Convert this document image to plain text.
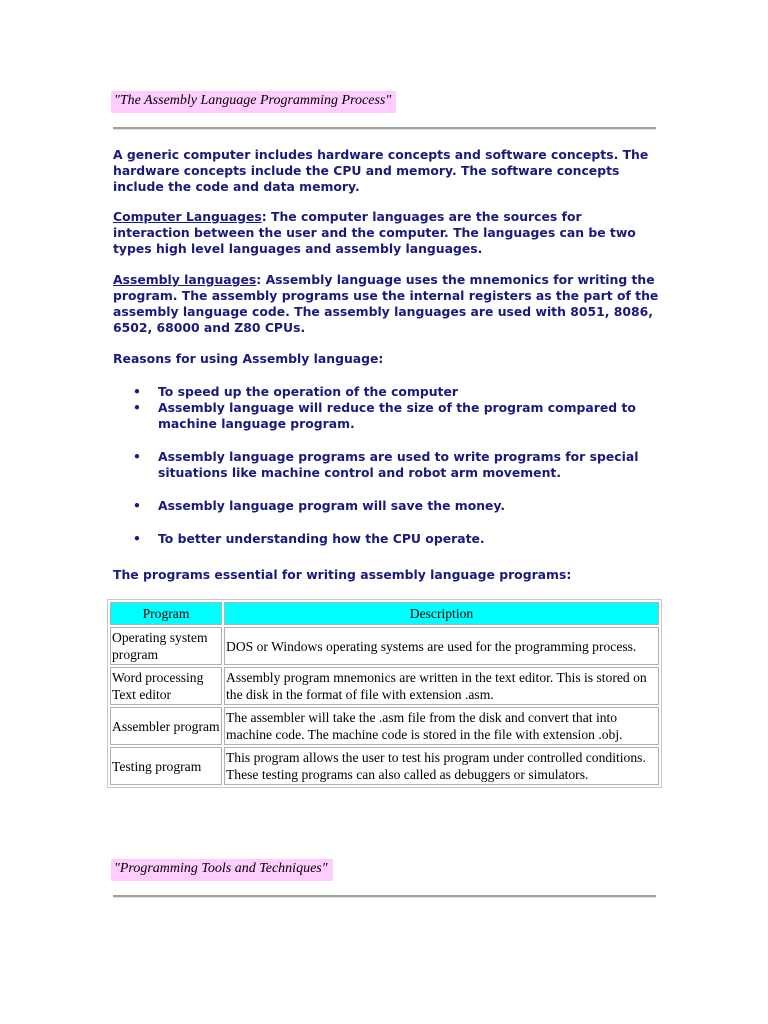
"The Assembly Language Programming Process"

A generic computer includes hardware concepts and software concepts. The hardware concepts include the CPU and memory. The software concepts include the code and data memory.

Computer Languages: The computer languages are the sources for interaction between the user and the computer. The languages can be two types high level languages and assembly languages.

Assembly languages: Assembly language uses the mnemonics for writing the program. The assembly programs use the internal registers as the part of the assembly language code. The assembly languages are used with 8051, 8086, 6502, 68000 and Z80 CPUs.

Reasons for using Assembly language:

• To speed up the operation of the computer
• Assembly language will reduce the size of the program compared to machine language program.
• Assembly language programs are used to write programs for special situations like machine control and robot arm movement.
• Assembly language program will save the money.
• To better understanding how the CPU operate.

The programs essential for writing assembly language programs:

Program	Description
Operating system program	DOS or Windows operating systems are used for the programming process.
Word processing Text editor	Assembly program mnemonics are written in the text editor. This is stored on the disk in the format of file with extension .asm.
Assembler program	The assembler will take the .asm file from the disk and convert that into machine code. The machine code is stored in the file with extension .obj.
Testing program	This program allows the user to test his program under controlled conditions. These testing programs can also called as debuggers or simulators.
"Programming Tools and Techniques"
